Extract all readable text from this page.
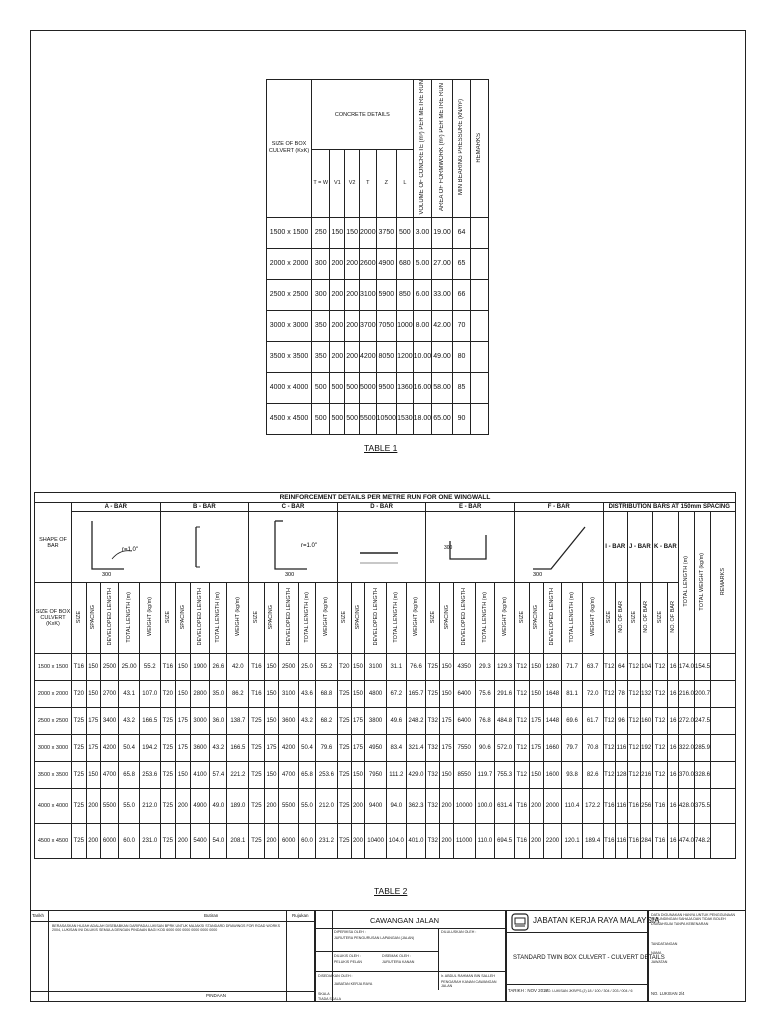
SIZE OF BOX CULVERT (KxK)	CONCRETE DETAILS						VOLUME OF CONCRETE (m³) PER METRE RUN	AREA OF FORMWORK (m²) PER METRE RUN	MIN BEARING PRESSURE (kN/m²)	REMARKS
	T = W	V1	V2	T	Z	L				
1500 x 1500	250	150	150	2000	3750	500	3.00	19.00	64	
2000 x 2000	300	200	200	2600	4900	680	5.00	27.00	65	
2500 x 2500	300	200	200	3100	5900	850	6.00	33.00	66	
3000 x 3000	350	200	200	3700	7050	1000	8.00	42.00	70	
3500 x 3500	350	200	200	4200	8050	1200	10.00	49.00	80	
4000 x 4000	500	500	500	5000	9500	1360	16.00	58.00	85	
4500 x 4500	500	500	500	5500	10500	1530	18.00	65.00	90	
TABLE 1
REINFORCEMENT DETAILS PER METRE RUN FOR ONE WINGWALL																																							
SHAPE OF BAR	A - BAR					B - BAR					C - BAR					D - BAR					E - BAR					F - BAR					DISTRIBUTION BARS AT 150mm SPACING								

r=1.0"
300										r=1.0"
300										300					300					I - BAR		J - BAR		K - BAR		TOTAL LENGTH (m)	TOTAL WEIGHT (kg/m)	REMARKS
SIZE OF BOX CULVERT (KxK)	SIZE	SPACING	DEVELOPED LENGTH	TOTAL LENGTH (m)	WEIGHT (kg/m)	SIZE	SPACING	DEVELOPED LENGTH	TOTAL LENGTH (m)	WEIGHT (kg/m)	SIZE	SPACING	DEVELOPED LENGTH	TOTAL LENGTH (m)	WEIGHT (kg/m)	SIZE	SPACING	DEVELOPED LENGTH	TOTAL LENGTH (m)	WEIGHT (kg/m)	SIZE	SPACING	DEVELOPED LENGTH	TOTAL LENGTH (m)	WEIGHT (kg/m)	SIZE	SPACING	DEVELOPED LENGTH	TOTAL LENGTH (m)	WEIGHT (kg/m)	SIZE	NO. OF BAR	SIZE	NO. OF BAR	SIZE	NO. OF BAR			
1500 x 1500	T16	150	2500	25.00	55.2	T16	150	1900	26.6	42.0	T16	150	2500	25.0	55.2	T20	150	3100	31.1	76.6	T25	150	4350	29.3	129.3	T12	150	1280	71.7	63.7	T12	64	T12	104	T12	16	174.0	154.5	
2000 x 2000	T20	150	2700	43.1	107.0	T20	150	2800	35.0	86.2	T16	150	3100	43.6	68.8	T25	150	4800	67.2	165.7	T25	150	6400	75.6	291.6	T12	150	1648	81.1	72.0	T12	78	T12	132	T12	16	216.0	200.7	
2500 x 2500	T25	175	3400	43.2	166.5	T25	175	3000	36.0	138.7	T25	150	3600	43.2	68.2	T25	175	3800	49.6	248.2	T32	175	6400	76.8	484.8	T12	175	1448	69.6	61.7	T12	96	T12	160	T12	16	272.0	247.5	
3000 x 3000	T25	175	4200	50.4	194.2	T25	175	3600	43.2	166.5	T25	175	4200	50.4	79.6	T25	175	4950	83.4	321.4	T32	175	7550	90.6	572.0	T12	175	1660	79.7	70.8	T12	116	T12	192	T12	16	322.0	285.9	
3500 x 3500	T25	150	4700	65.8	253.6	T25	150	4100	57.4	221.2	T25	150	4700	65.8	253.6	T25	150	7950	111.2	429.0	T32	150	8550	119.7	755.3	T12	150	1600	93.8	82.6	T12	128	T12	216	T12	16	370.0	328.6	
4000 x 4000	T25	200	5500	55.0	212.0	T25	200	4900	49.0	189.0	T25	200	5500	55.0	212.0	T25	200	9400	94.0	362.3	T32	200	10000	100.0	631.4	T16	200	2000	110.4	172.2	T16	116	T16	256	T16	16	428.0	375.5	
4500 x 4500	T25	200	6000	60.0	231.0	T25	200	5400	54.0	208.1	T25	200	6000	60.0	231.2	T25	200	10400	104.0	401.0	T32	200	11000	110.0	694.5	T16	200	2200	120.1	189.4	T16	116	T16	284	T16	16	474.0	748.2	
TABLE 2
Tarikh	Butiran	Rujukan
BERASASKAN HUJAH ADALAH DISEBABKAN DARIPADA LUKISAN BPRK UNTUK MAJAKSI STANDARD DRAWINGS FOR ROAD WORKS 2004, LUKISAN INI DILUKIS SEMULA DENGAN PINDAAN BAGI KOD 6000 000 0000 0000 0000 0000
PINDAAN
CAWANGAN JALAN
DIPERIKSA OLEH :
JURUTERA PENGURUSAN LAPANGAN (JALAN)
DILUKIS OLEH :
PELUKIS PELAN
DISEMAK OLEH :
JURUTERA KANAN
DILULUSKAN OLEH :
Ir. ABDUL RAHMAN BIN SALLEH
PENGARAH KANAN CAWANGAN JALAN
DISEDIAKAN OLEH :
JABATAN KERJA RAYA
SKALA
TIADA SKALA
JABATAN KERJA RAYA MALAYSIA
STANDARD TWIN BOX CULVERT - CULVERT DETAILS
TARIKH : NOV 2017
NO. LUKISAN JKR/PS.(J) 18 / 100 / 304 / 203 / 004 / 6
DATA DIGUNAKAN HANYA UNTUK PENGGUNAAN PERUNDINGAN SAHAJA DAN TIDAK BOLEH DIUBAHSUAI TANPA KEBENARAN
TANDATANGAN
NAMA
JAWATAN
NO. LUKISAN 2/4
